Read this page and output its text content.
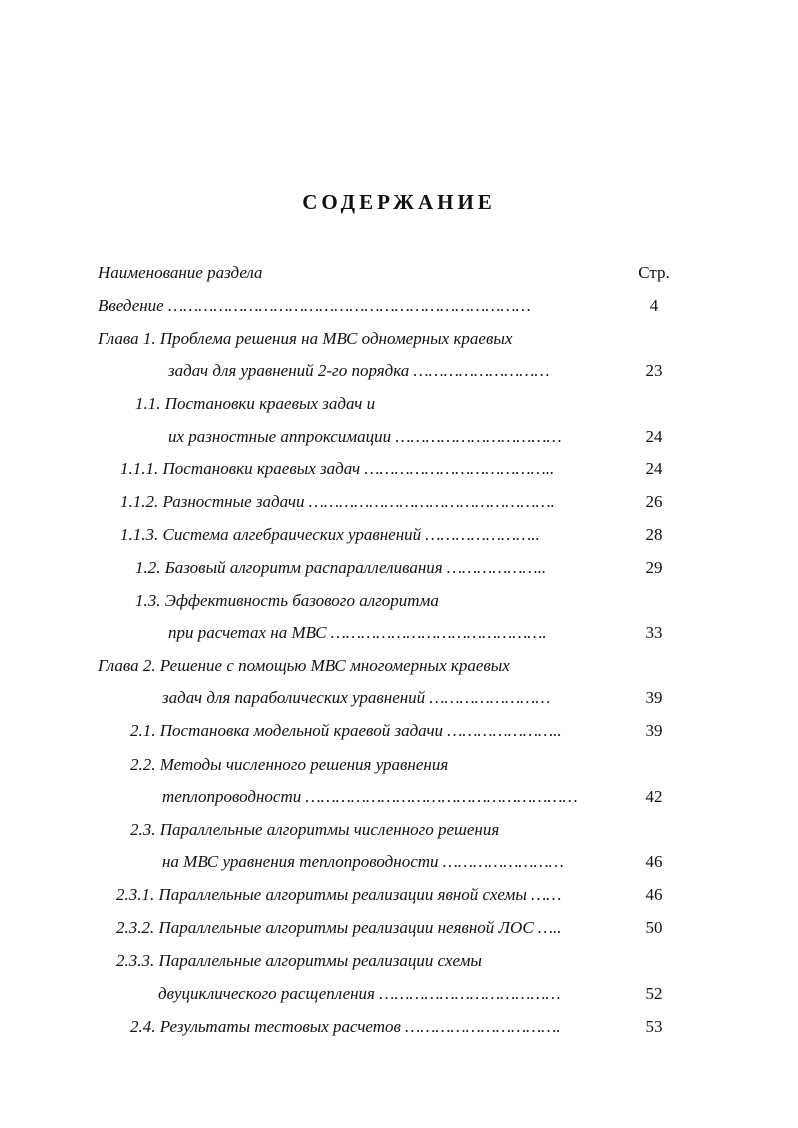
СОДЕРЖАНИЕ
Наименование раздела	Стр.
Введение ………………………………………………………………	4
Глава 1. Проблема решения на МВС одномерных краевых
задач для уравнений 2-го порядка ………………………	23
1.1. Постановки краевых задач и
их разностные аппроксимации ……………………………	24
1.1.1. Постановки краевых задач ………………………………..	24
1.1.2. Разностные задачи ………………………………………….	26
1.1.3. Система алгебраических уравнений …………………..	28
1.2. Базовый алгоритм распараллеливания ………………..	29
1.3. Эффективность базового алгоритма
при расчетах на МВС …………………………………….	33
Глава 2. Решение с помощью МВС многомерных краевых
задач для параболических уравнений ……………………	39
2.1. Постановка модельной краевой задачи …………………..	39
2.2. Методы численного решения уравнения
теплопроводности ………………………………………………	42
2.3. Параллельные алгоритмы численного решения
на МВС уравнения теплопроводности ……………………	46
2.3.1. Параллельные алгоритмы реализации явной схемы ……	46
2.3.2. Параллельные алгоритмы реализации неявной ЛОС …..	50
2.3.3. Параллельные алгоритмы реализации схемы
двуциклического расщепления ………………………………	52
2.4. Результаты тестовых расчетов ………………………….	53
